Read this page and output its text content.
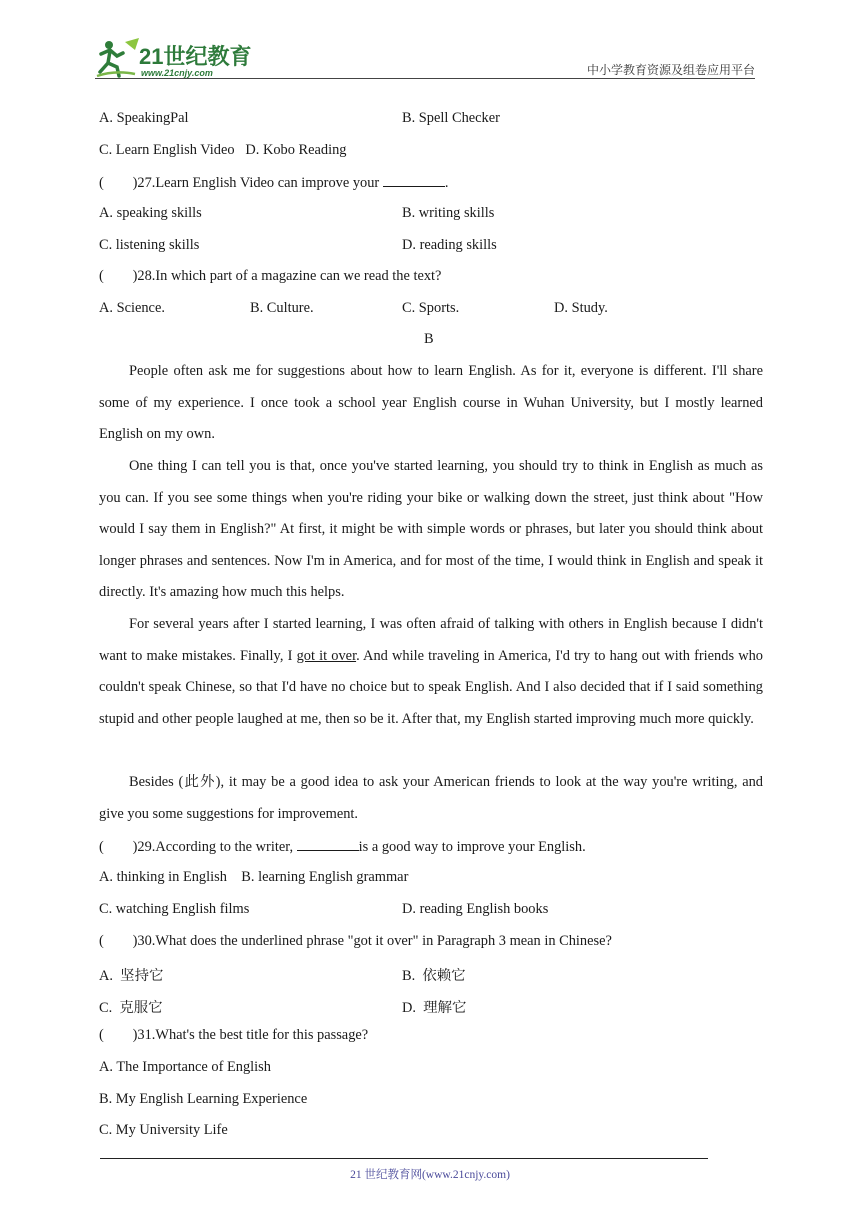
21世纪教育
www.21cnjy.com	中小学教育资源及组卷应用平台
A. SpeakingPal	B. Spell Checker
C. Learn English Video   D. Kobo Reading
(        )27.Learn English Video can improve your	.
A. speaking skills	B. writing skills
C. listening skills	D. reading skills
(        )28.In which part of a magazine can we read the text?
A. Science.	B. Culture.	C. Sports.	D. Study.
B
People often ask me for suggestions about how to learn English. As for it, everyone is different. I'll share some of my experience. I once took a school year English course in Wuhan University, but I mostly learned English on my own.
One thing I can tell you is that, once you've started learning, you should try to think in English as much as you can. If you see some things when you're riding your bike or walking down the street, just think about "How would I say them in English?" At first, it might be with simple words or phrases, but later you should think about longer phrases and sentences. Now I'm in America, and for most of the time, I would think in English and speak it directly. It's amazing how much this helps.
For several years after I started learning, I was often afraid of talking with others in English because I didn't want to make mistakes. Finally, I got it over. And while traveling in America, I'd try to hang out with friends who couldn't speak Chinese, so that I'd have no choice but to speak English. And I also decided that if I said something stupid and other people laughed at me, then so be it. After that, my English started improving much more quickly.
Besides (此外), it may be a good idea to ask your American friends to look at the way you're writing, and give you some suggestions for improvement.
(        )29.According to the writer,	is a good way to improve your English.
A. thinking in English    B. learning English grammar
C. watching English films	D. reading English books
(        )30.What does the underlined phrase "got it over" in Paragraph 3 mean in Chinese?
A.  坚持它	B.  依赖它
C.  克服它	D.  理解它
(        )31.What's the best title for this passage?
A. The Importance of English
B. My English Learning Experience
C. My University Life
21 世纪教育网(www.21cnjy.com)
